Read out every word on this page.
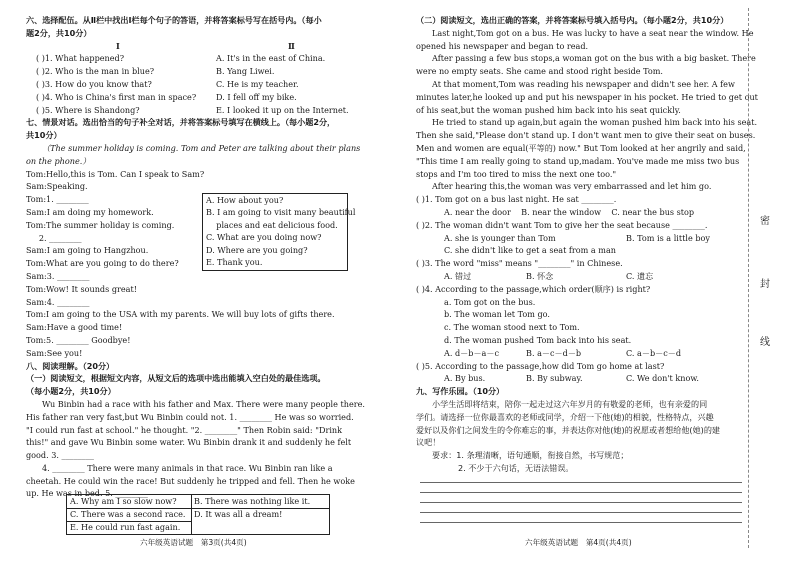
六、选择配伍。从Ⅱ栏中找出Ⅰ栏每个句子的答语，并将答案标号写在括号内。（每小
题2分，共10分）
Ⅰ	Ⅱ
( )1. What happened?	A. It's in the east of China.
( )2. Who is the man in blue?	B. Yang Liwei.
( )3. How do you know that?	C. He is my teacher.
( )4. Who is China's first man in space? D. I fell off my bike.
( )5. Where is Shandong?	E. I looked it up on the Internet.
七、情景对话。选出恰当的句子补全对话，并将答案标号填写在横线上。（每小题2分，
共10分）
（The summer holiday is coming. Tom and Peter are talking about their plans
on the phone.）
Tom:Hello,this is Tom. Can I speak to Sam?
Sam:Speaking.
Tom:1. ________
Sam:I am doing my homework.
Tom:The summer holiday is coming.
2. ________
Sam:I am going to Hangzhou.
Tom:What are you going to do there?
Sam:3. ________
Tom:Wow! It sounds great!
Sam:4. ________
Tom:I am going to the USA with my parents. We will buy lots of gifts there.
Sam:Have a good time!
Tom:5. ________ Goodbye!
Sam:See you!
八、阅读理解。（20分）
（一）阅读短文，根据短文内容，从短文后的选项中选出能填入空白处的最佳选项。
（每小题2分，共10分）
Wu Binbin had a race with his father and Max. There were many people there.
His father ran very fast,but Wu Binbin could not. 1. ________ He was so worried.
"I could run fast at school." he thought. "2. ________" Then Robin said: "Drink
this!" and gave Wu Binbin some water. Wu Binbin drank it and suddenly he felt
good. 3. ________
4. ________ There were many animals in that race. Wu Binbin ran like a
cheetah. He could win the race! But suddenly he tripped and fell. Then he woke
up. He was in bed. 5. ________
A. How about you?
B. I am going to visit many beautiful
places and eat delicious food.
C. What are you doing now?
D. Where are you going?
E. Thank you.
A. Why am I so slow now?	B. There was nothing like it.
C. There was a second race.	D. It was all a dream!
E. He could run fast again.
六年级英语试题　第3页(共4页)
（二）阅读短文，选出正确的答案，并将答案标号填入括号内。（每小题2分，共10分）
Last night,Tom got on a bus. He was lucky to have a seat near the window. He
opened his newspaper and began to read.
After passing a few bus stops,a woman got on the bus with a big basket. There
were no empty seats. She came and stood right beside Tom.
At that moment,Tom was reading his newspaper and didn't see her. A few
minutes later,he looked up and put his newspaper in his pocket. He tried to get out
of his seat,but the woman pushed him back into his seat quickly.
He tried to stand up again,but again the woman pushed him back into his seat.
Then she said,"Please don't stand up. I don't want men to give their seat on buses.
Men and women are equal(平等的) now." But Tom looked at her angrily and said,
"This time I am really going to stand up,madam. You've made me miss two bus
stops and I'm too tired to miss the next one too."
After hearing this,the woman was very embarrassed and let him go.
( )1. Tom got on a bus last night. He sat ________.
A. near the door    B. near the window    C. near the bus stop
( )2. The woman didn't want Tom to give her the seat because ________.
A. she is younger than Tom	B. Tom is a little boy
C. she didn't like to get a seat from a man
( )3. The word "miss" means "________" in Chinese.
A. 错过	B. 怀念	C. 遗忘
( )4. According to the passage,which order(顺序) is right?
a. Tom got on the bus.
b. The woman let Tom go.
c. The woman stood next to Tom.
d. The woman pushed Tom back into his seat.
A. d－b－a－c	B. a－c－d－b	C. a－b－c－d
( )5. According to the passage,how did Tom go home at last?
A. By bus.	B. By subway.	C. We don't know.
九、写作乐园。（10分）
小学生活即将结束，陪你一起走过这六年岁月的有敬爱的老师，也有亲爱的同
学们。请选择一位你最喜欢的老师或同学，介绍一下他(她)的相貌，性格特点，兴趣
爱好以及你们之间发生的令你难忘的事，并表达你对他(她)的祝愿或者想给他(她)的建
议吧！
要求：1. 条理清晰，语句通顺，衔接自然，书写规范；
2. 不少于六句话，无语法错误。
六年级英语试题　第4页(共4页)
密
封
线
